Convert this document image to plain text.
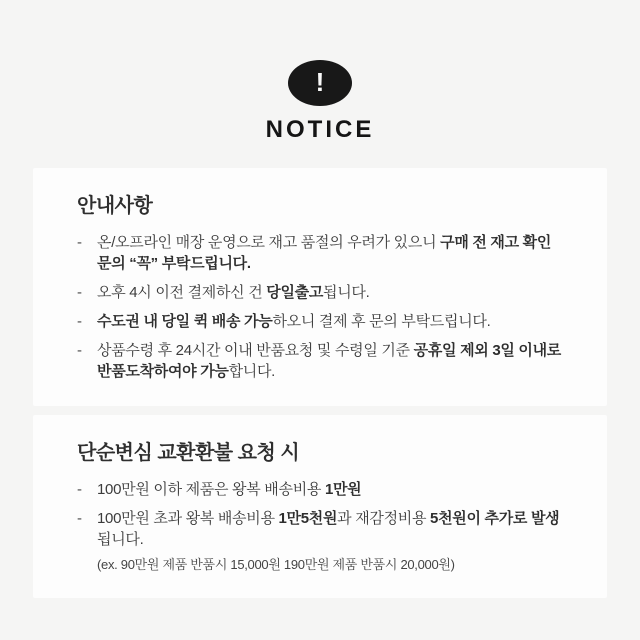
!
NOTICE
안내사항
-	온/오프라인 매장 운영으로 재고 품절의 우려가 있으니 구매 전 재고 확인 문의 “꼭” 부탁드립니다.

-	오후 4시 이전 결제하신 건 당일출고됩니다.

-	수도권 내 당일 퀵 배송 가능하오니 결제 후 문의 부탁드립니다.

-	상품수령 후 24시간 이내 반품요청 및 수령일 기준 공휴일 제외 3일 이내로 반품도착하여야 가능합니다.

단순변심 교환환불 요청 시
-	100만원 이하 제품은 왕복 배송비용 1만원

-	100만원 초과 왕복 배송비용 1만5천원과 재감정비용 5천원이 추가로 발생됩니다.

(ex. 90만원 제품 반품시 15,000원 190만원 제품 반품시 20,000원)
